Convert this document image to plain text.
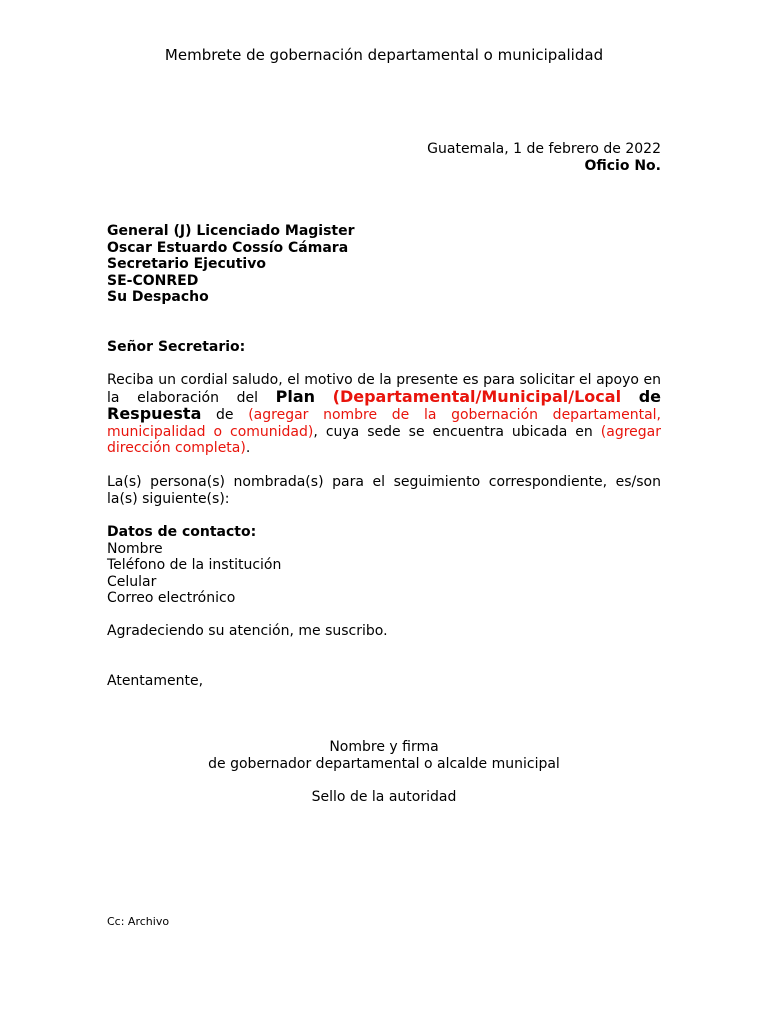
Membrete de gobernación departamental o municipalidad
Guatemala, 1 de febrero de 2022
Oficio No.
General (J) Licenciado Magister
Oscar Estuardo Cossío Cámara
Secretario Ejecutivo
SE-CONRED
Su Despacho
Señor Secretario:
Reciba un cordial saludo, el motivo de la presente es para solicitar el apoyo en la elaboración del Plan (Departamental/Municipal/Local de Respuesta de (agregar nombre de la gobernación departamental, municipalidad o comunidad), cuya sede se encuentra ubicada en (agregar dirección completa).
La(s) persona(s) nombrada(s) para el seguimiento correspondiente, es/son la(s) siguiente(s):
Datos de contacto:
Nombre
Teléfono de la institución
Celular
Correo electrónico
Agradeciendo su atención, me suscribo.
Atentamente,
Nombre y firma
de gobernador departamental o alcalde municipal
Sello de la autoridad
Cc: Archivo
